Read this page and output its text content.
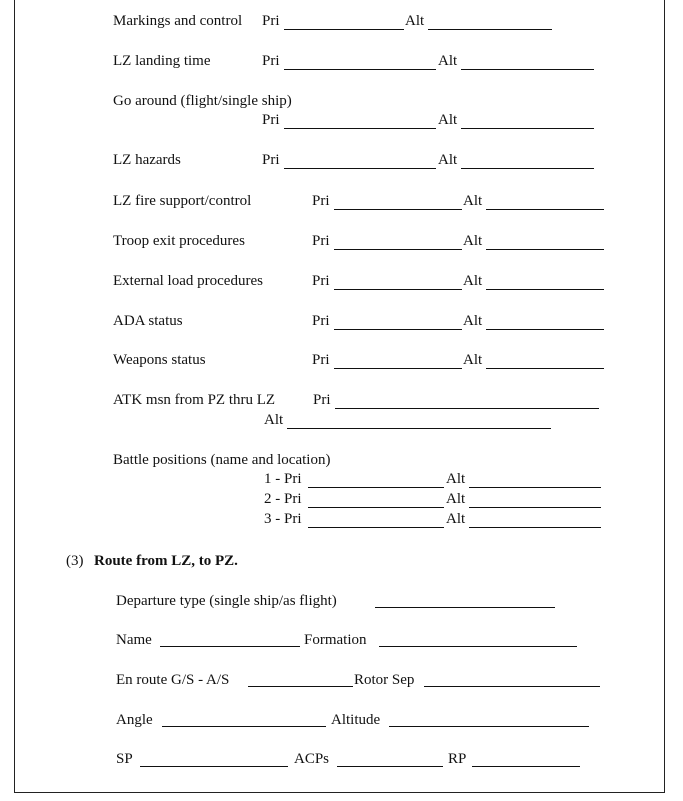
Markings and control Pri	Alt
LZ landing time	Pri	Alt
Go around (flight/single ship)
Pri	Alt
LZ hazards	Pri	Alt
LZ fire support/control	Pri	Alt
Troop exit procedures	Pri	Alt
External load procedures	Pri	Alt
ADA status	Pri	Alt
Weapons status	Pri	Alt
ATK msn from PZ thru LZ	Pri
Alt
Battle positions (name and location)
1 - Pri	Alt
2 - Pri	Alt
3 - Pri	Alt
(3) Route from LZ, to PZ.
Departure type (single ship/as flight)
Name	Formation
En route G/S - A/S	Rotor Sep
Angle	Altitude
SP	ACPs	RP
